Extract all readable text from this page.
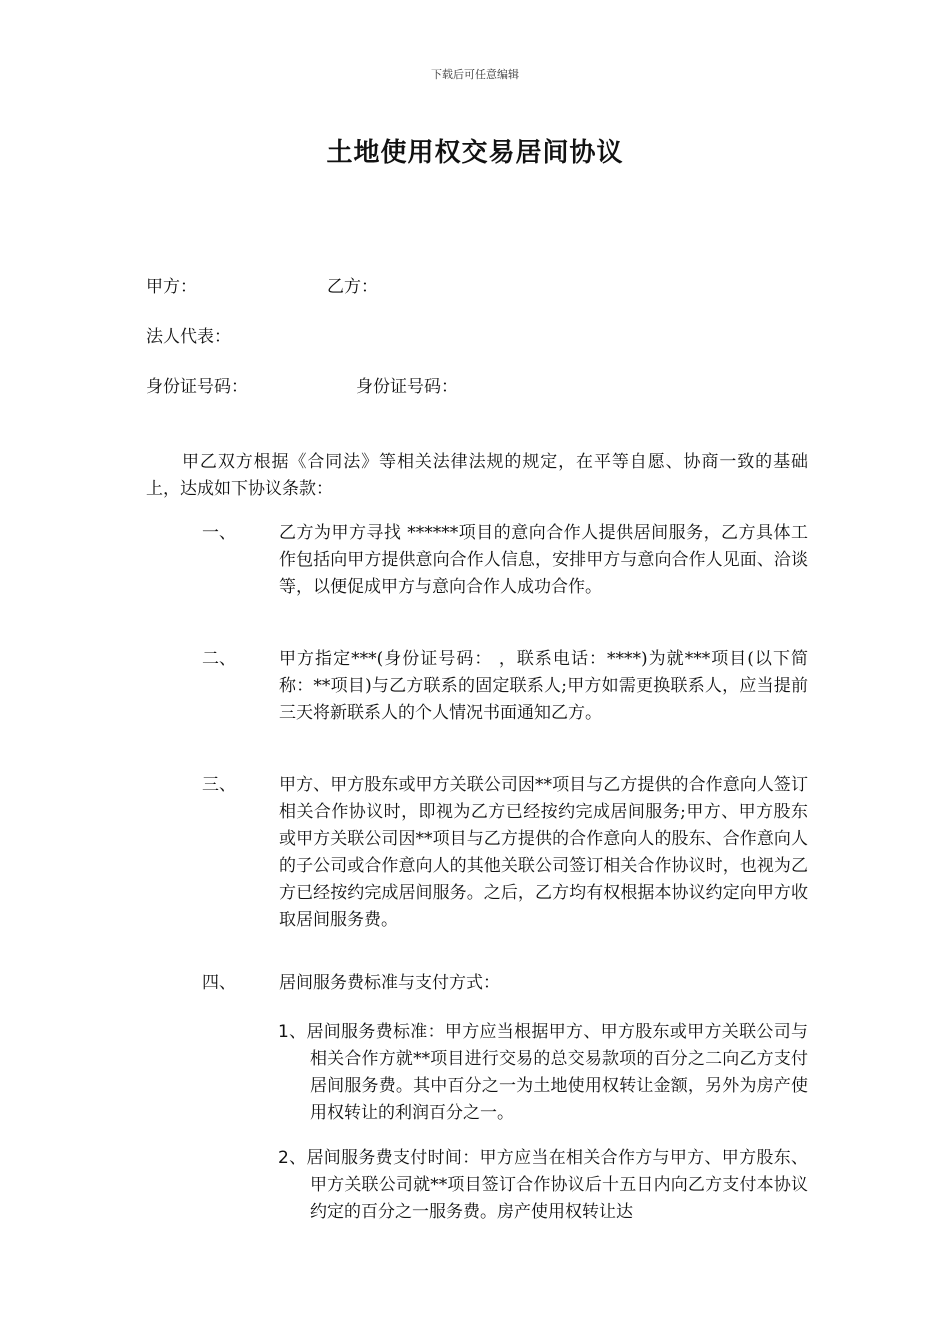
下载后可任意编辑
土地使用权交易居间协议
甲方：	乙方：
法人代表：
身份证号码：	身份证号码：
甲乙双方根据《合同法》等相关法律法规的规定，在平等自愿、协商一致的基础上，达成如下协议条款：
一、	乙方为甲方寻找 ******项目的意向合作人提供居间服务，乙方具体工作包括向甲方提供意向合作人信息，安排甲方与意向合作人见面、洽谈等，以便促成甲方与意向合作人成功合作。
二、	甲方指定***(身份证号码： ，联系电话：****)为就***项目(以下简称：**项目)与乙方联系的固定联系人;甲方如需更换联系人，应当提前三天将新联系人的个人情况书面通知乙方。
三、	甲方、甲方股东或甲方关联公司因**项目与乙方提供的合作意向人签订相关合作协议时，即视为乙方已经按约完成居间服务;甲方、甲方股东或甲方关联公司因**项目与乙方提供的合作意向人的股东、合作意向人的子公司或合作意向人的其他关联公司签订相关合作协议时，也视为乙方已经按约完成居间服务。之后，乙方均有权根据本协议约定向甲方收取居间服务费。
四、	居间服务费标准与支付方式：
1、居间服务费标准：甲方应当根据甲方、甲方股东或甲方关联公司与相关合作方就**项目进行交易的总交易款项的百分之二向乙方支付居间服务费。其中百分之一为土地使用权转让金额，另外为房产使用权转让的利润百分之一。
2、居间服务费支付时间：甲方应当在相关合作方与甲方、甲方股东、甲方关联公司就**项目签订合作协议后十五日内向乙方支付本协议约定的百分之一服务费。房产使用权转让达
